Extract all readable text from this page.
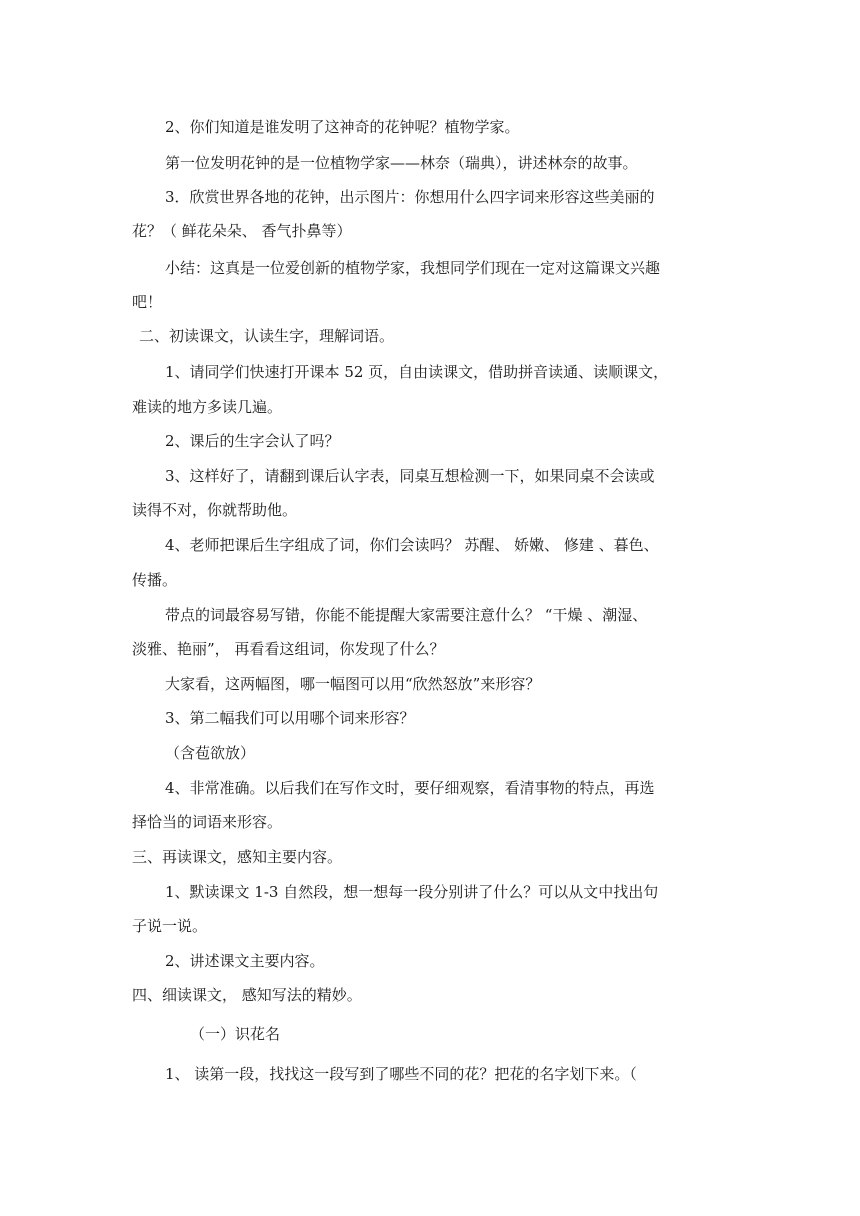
2、你们知道是谁发明了这神奇的花钟呢？植物学家。
第一位发明花钟的是一位植物学家——林奈（瑞典），讲述林奈的故事。
3．欣赏世界各地的花钟，出示图片：你想用什么四字词来形容这些美丽的
花？（ 鲜花朵朵、 香气扑鼻等）
小结：这真是一位爱创新的植物学家，我想同学们现在一定对这篇课文兴趣
吧！
二、初读课文，认读生字，理解词语。
1、请同学们快速打开课本 52 页，自由读课文，借助拼音读通、读顺课文，
难读的地方多读几遍。
2、课后的生字会认了吗？
3、这样好了，请翻到课后认字表，同桌互想检测一下，如果同桌不会读或
读得不对，你就帮助他。
4、老师把课后生字组成了词，你们会读吗？ 苏醒、 娇嫩、 修建 、暮色、
传播。
带点的词最容易写错，你能不能提醒大家需要注意什么？ “干燥 、潮湿、
淡雅、艳丽”， 再看看这组词，你发现了什么？
大家看，这两幅图，哪一幅图可以用“欣然怒放”来形容？
3、第二幅我们可以用哪个词来形容？
（含苞欲放）
4、非常准确。以后我们在写作文时，要仔细观察，看清事物的特点，再选
择恰当的词语来形容。
三、再读课文，感知主要内容。
1、默读课文 1-3 自然段，想一想每一段分别讲了什么？可以从文中找出句
子说一说。
2、讲述课文主要内容。
四、细读课文， 感知写法的精妙。
（一）识花名
1、 读第一段，找找这一段写到了哪些不同的花？把花的名字划下来。（
